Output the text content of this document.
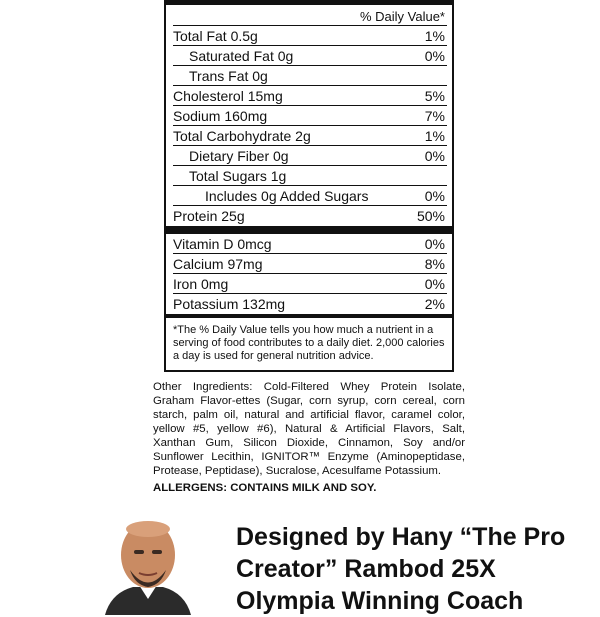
% Daily Value*
Total Fat 0.5g	1%
Saturated Fat 0g	0%
Trans Fat 0g
Cholesterol 15mg	5%
Sodium 160mg	7%
Total Carbohydrate 2g	1%
Dietary Fiber 0g	0%
Total Sugars 1g
Includes 0g Added Sugars	0%
Protein 25g	50%
Vitamin D 0mcg	0%
Calcium 97mg	8%
Iron 0mg	0%
Potassium 132mg	2%
*The % Daily Value tells you how much a nutrient in a serving of food contributes to a daily diet. 2,000 calories a day is used for general nutrition advice.
Other Ingredients: Cold-Filtered Whey Protein Isolate, Graham Flavor-ettes (Sugar, corn syrup, corn cereal, corn starch, palm oil, natural and artificial flavor, caramel color, yellow #5, yellow #6), Natural & Artificial Flavors, Salt, Xanthan Gum, Silicon Dioxide, Cinnamon, Soy and/or Sunflower Lecithin, IGNITOR™ Enzyme (Aminopeptidase, Protease, Peptidase), Sucralose, Acesulfame Potassium.
ALLERGENS: CONTAINS MILK AND SOY.
Designed by Hany “The Pro
Creator” Rambod 25X
Olympia Winning Coach
